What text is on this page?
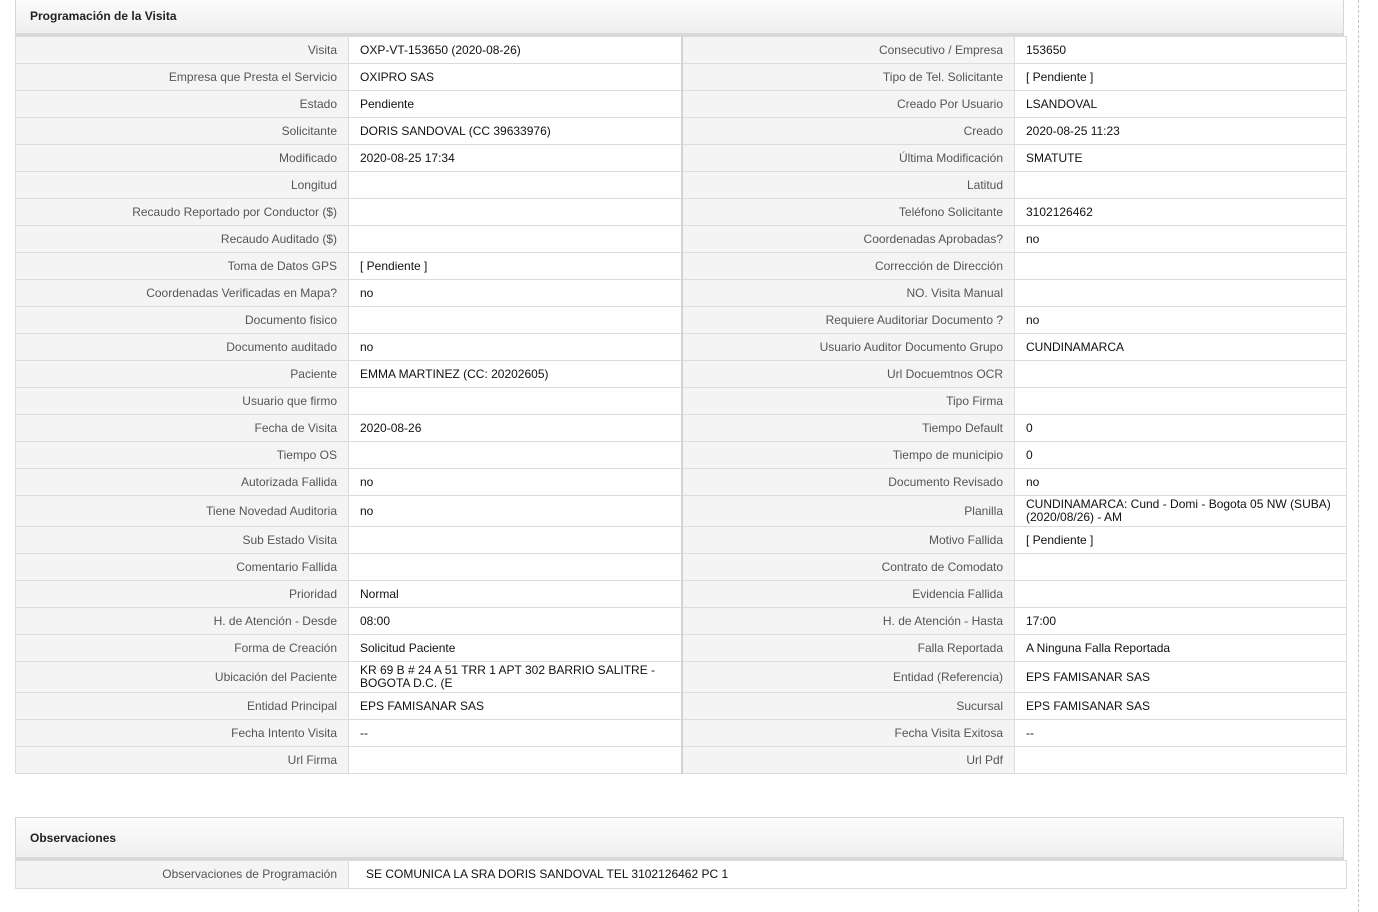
Programación de la Visita
Visita	OXP-VT-153650 (2020-08-26)	Consecutivo / Empresa	153650
Empresa que Presta el Servicio	OXIPRO SAS	Tipo de Tel. Solicitante	[ Pendiente ]
Estado	Pendiente	Creado Por Usuario	LSANDOVAL
Solicitante	DORIS SANDOVAL (CC 39633976)	Creado	2020-08-25 11:23
Modificado	2020-08-25 17:34	Última Modificación	SMATUTE
Longitud		Latitud	
Recaudo Reportado por Conductor ($)		Teléfono Solicitante	3102126462
Recaudo Auditado ($)		Coordenadas Aprobadas?	no
Toma de Datos GPS	[ Pendiente ]	Corrección de Dirección	
Coordenadas Verificadas en Mapa?	no	NO. Visita Manual	
Documento fisico		Requiere Auditoriar Documento ?	no
Documento auditado	no	Usuario Auditor Documento Grupo	CUNDINAMARCA
Paciente	EMMA MARTINEZ (CC: 20202605)	Url Docuemtnos OCR	
Usuario que firmo		Tipo Firma	
Fecha de Visita	2020-08-26	Tiempo Default	0
Tiempo OS		Tiempo de municipio	0
Autorizada Fallida	no	Documento Revisado	no
Tiene Novedad Auditoria	no	Planilla	CUNDINAMARCA: Cund - Domi - Bogota 05 NW (SUBA) (2020/08/26) - AM
Sub Estado Visita		Motivo Fallida	[ Pendiente ]
Comentario Fallida		Contrato de Comodato	
Prioridad	Normal	Evidencia Fallida	
H. de Atención - Desde	08:00	H. de Atención - Hasta	17:00
Forma de Creación	Solicitud Paciente	Falla Reportada	A Ninguna Falla Reportada
Ubicación del Paciente	KR 69 B # 24 A 51 TRR 1 APT 302 BARRIO SALITRE - BOGOTA D.C. (E	Entidad (Referencia)	EPS FAMISANAR SAS
Entidad Principal	EPS FAMISANAR SAS	Sucursal	EPS FAMISANAR SAS
Fecha Intento Visita	--	Fecha Visita Exitosa	--
Url Firma		Url Pdf	
Observaciones
Observaciones de Programación	SE COMUNICA LA SRA DORIS SANDOVAL TEL 3102126462 PC 1
